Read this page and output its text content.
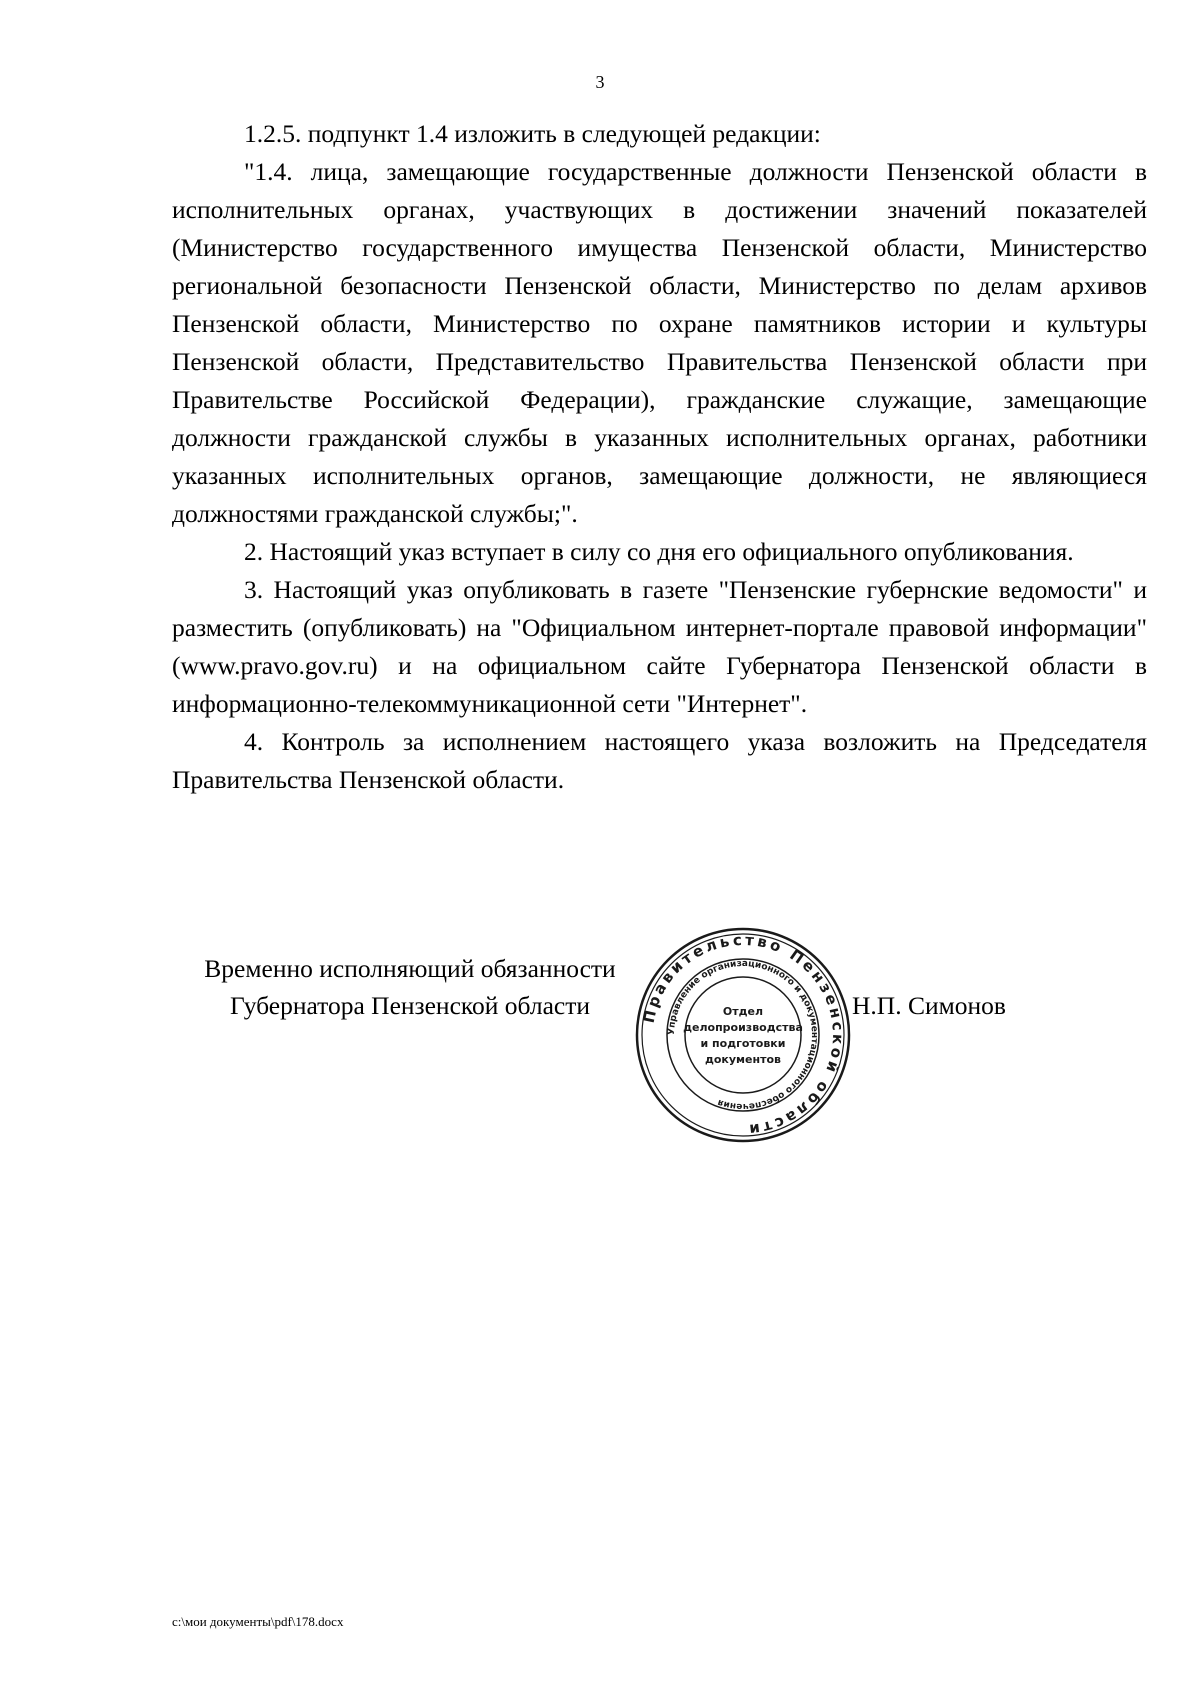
3

1.2.5. подпункт 1.4 изложить в следующей редакции:

"1.4. лица, замещающие государственные должности Пензенской области в исполнительных органах, участвующих в достижении значений показателей (Министерство государственного имущества Пензенской области, Министерство региональной безопасности Пензенской области, Министерство по делам архивов Пензенской области, Министерство по охране памятников истории и культуры Пензенской области, Представительство Правительства Пензенской области при Правительстве Российской Федерации), гражданские служащие, замещающие должности гражданской службы в указанных исполнительных органах, работники указанных исполнительных органов, замещающие должности, не являющиеся должностями гражданской службы;".

2. Настоящий указ вступает в силу со дня его официального опубликования.

3. Настоящий указ опубликовать в газете "Пензенские губернские ведомости" и разместить (опубликовать) на "Официальном интернет-портале правовой информации" (www.pravo.gov.ru) и на официальном сайте Губернатора Пензенской области в информационно-телекоммуникационной сети "Интернет".

4. Контроль за исполнением настоящего указа возложить на Председателя Правительства Пензенской области.

Временно исполняющий обязанности
Губернатора Пензенской области	Правительство Пензенской области
Управление организационного и документационного обеспечения
Отдел
делопроизводства
и подготовки
документов
Н.П. Симонов
c:\мои документы\pdf\178.docx
